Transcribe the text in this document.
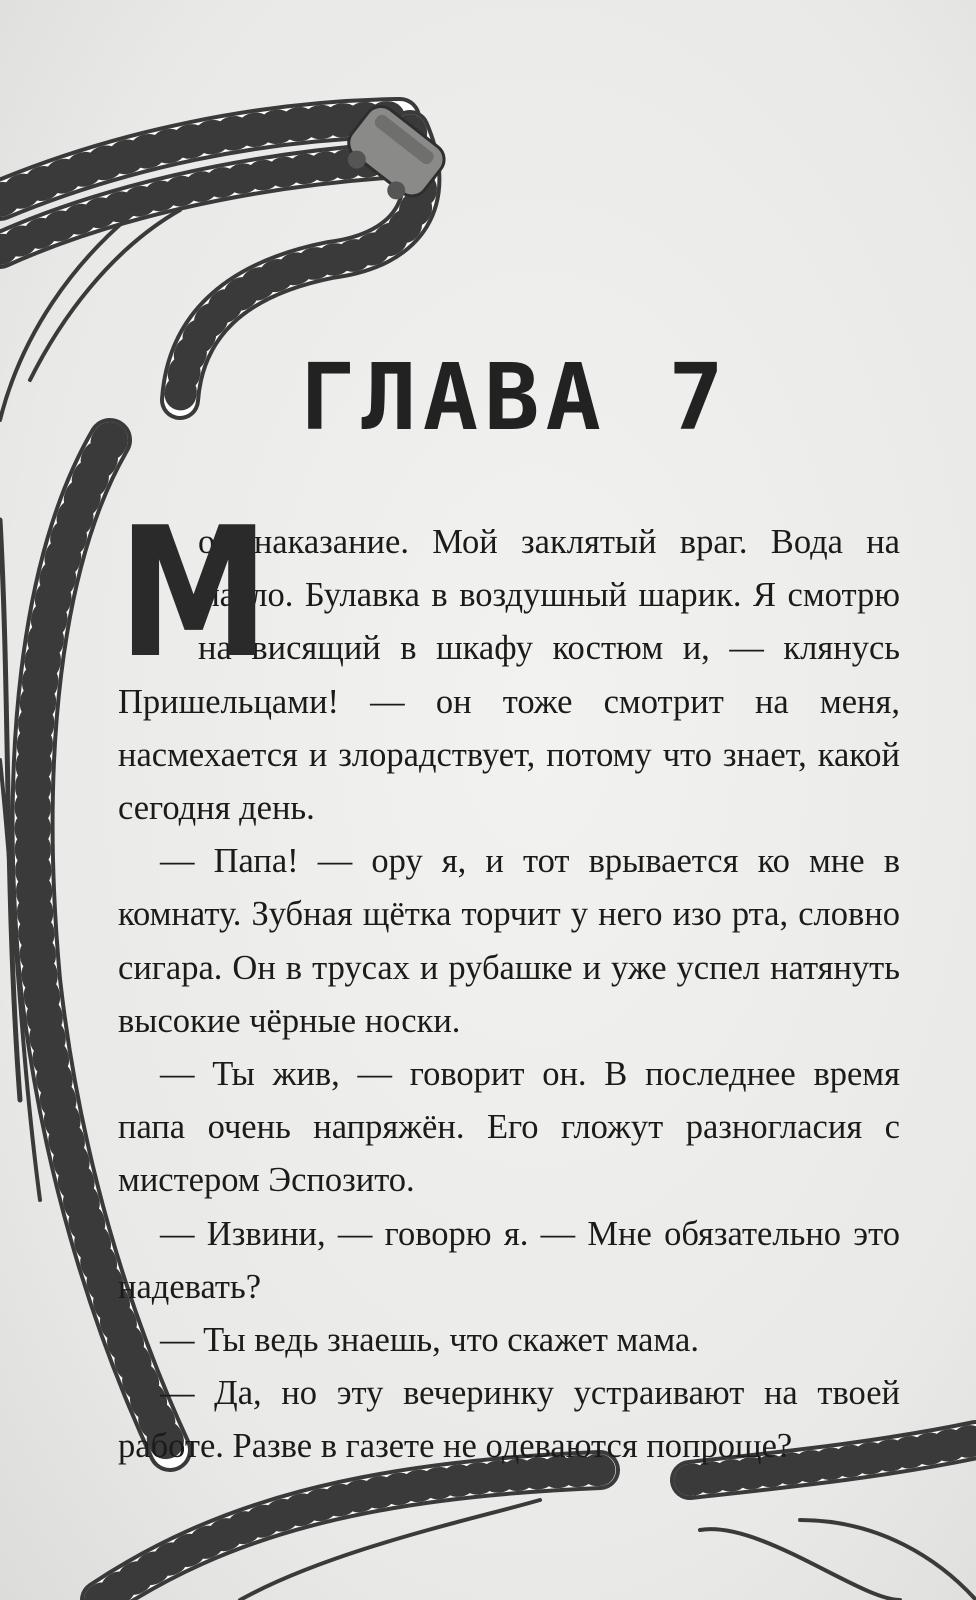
ГЛАВА 7

М
оё наказание. Мой заклятый враг. Вода на масло. Булавка в воздушный шарик. Я смотрю на висящий в шкафу костюм и, — клянусь Пришельцами! — он тоже смотрит на меня, насмехается и злорадствует, потому что знает, какой сегодня день.

— Папа! — ору я, и тот врывается ко мне в комнату. Зубная щётка торчит у него изо рта, словно сигара. Он в трусах и рубашке и уже успел натянуть высокие чёрные носки.

— Ты жив, — говорит он. В последнее время папа очень напряжён. Его гложут разногласия с мистером Эспозито.

— Извини, — говорю я. — Мне обязательно это надевать?

— Ты ведь знаешь, что скажет мама.

— Да, но эту вечеринку устраивают на твоей работе. Разве в газете не одеваются попроще?
